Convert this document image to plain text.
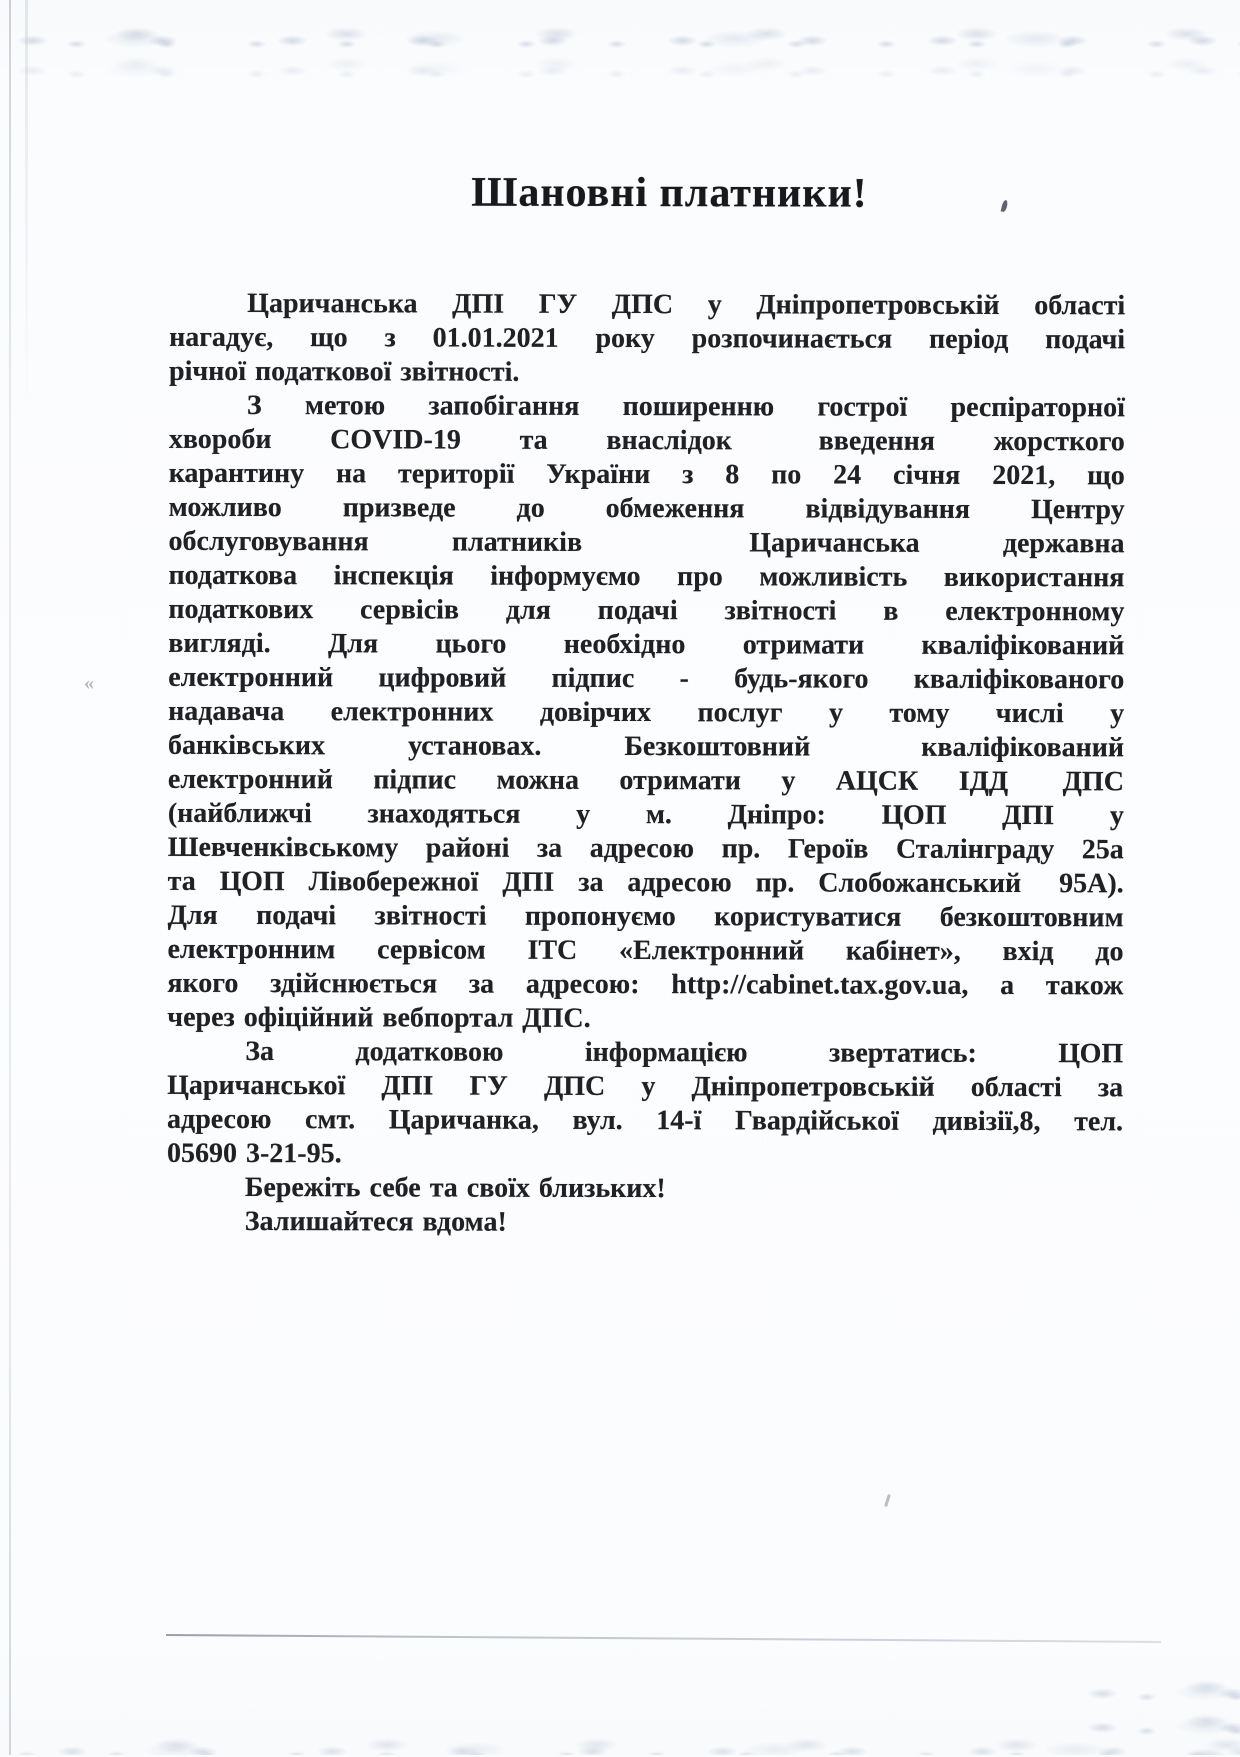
Шановні платники!
Царичанська ДПІ ГУ ДПС у Дніпропетровській області
нагадує, що з 01.01.2021 року розпочинається період подачі
річної податкової звітності.
З метою запобігання поширенню гострої респіраторної
хвороби COVID-19 та внаслідок  введення жорсткого
карантину на території України з 8 по 24 січня 2021, що
можливо призведе до обмеження відвідування Центру
обслуговування платників    Царичанська державна
податкова інспекція інформуємо про можливість використання
податкових сервісів для подачі звітності в електронному
вигляді. Для цього необхідно отримати кваліфікований
електронний цифровий підпис - будь-якого кваліфікованого
надавача електронних довірчих послуг у тому числі у
банківських установах. Безкоштовний  кваліфікований
електронний підпис можна отримати у АЦСК ІДД  ДПС
(найближчі знаходяться у м. Дніпро: ЦОП ДПІ у
Шевченківському районі за адресою пр. Героїв Сталінграду 25а
та ЦОП Лівобережної ДПІ за адресою пр. Слобожанський  95А).
Для подачі звітності пропонуємо користуватися безкоштовним
електронним сервісом ІТС «Електронний кабінет», вхід до
якого здійснюється за адресою: http://cabinet.tax.gov.ua, а також
через офіційний вебпортал ДПС.
За додатковою інформацією звертатись: ЦОП
Царичанської ДПІ ГУ ДПС у Дніпропетровській області за
адресою смт. Царичанка, вул. 14-ї Гвардійської дивізії,8, тел.
05690 3-21-95.
Бережіть себе та своїх близьких!
Залишайтеся вдома!
«
